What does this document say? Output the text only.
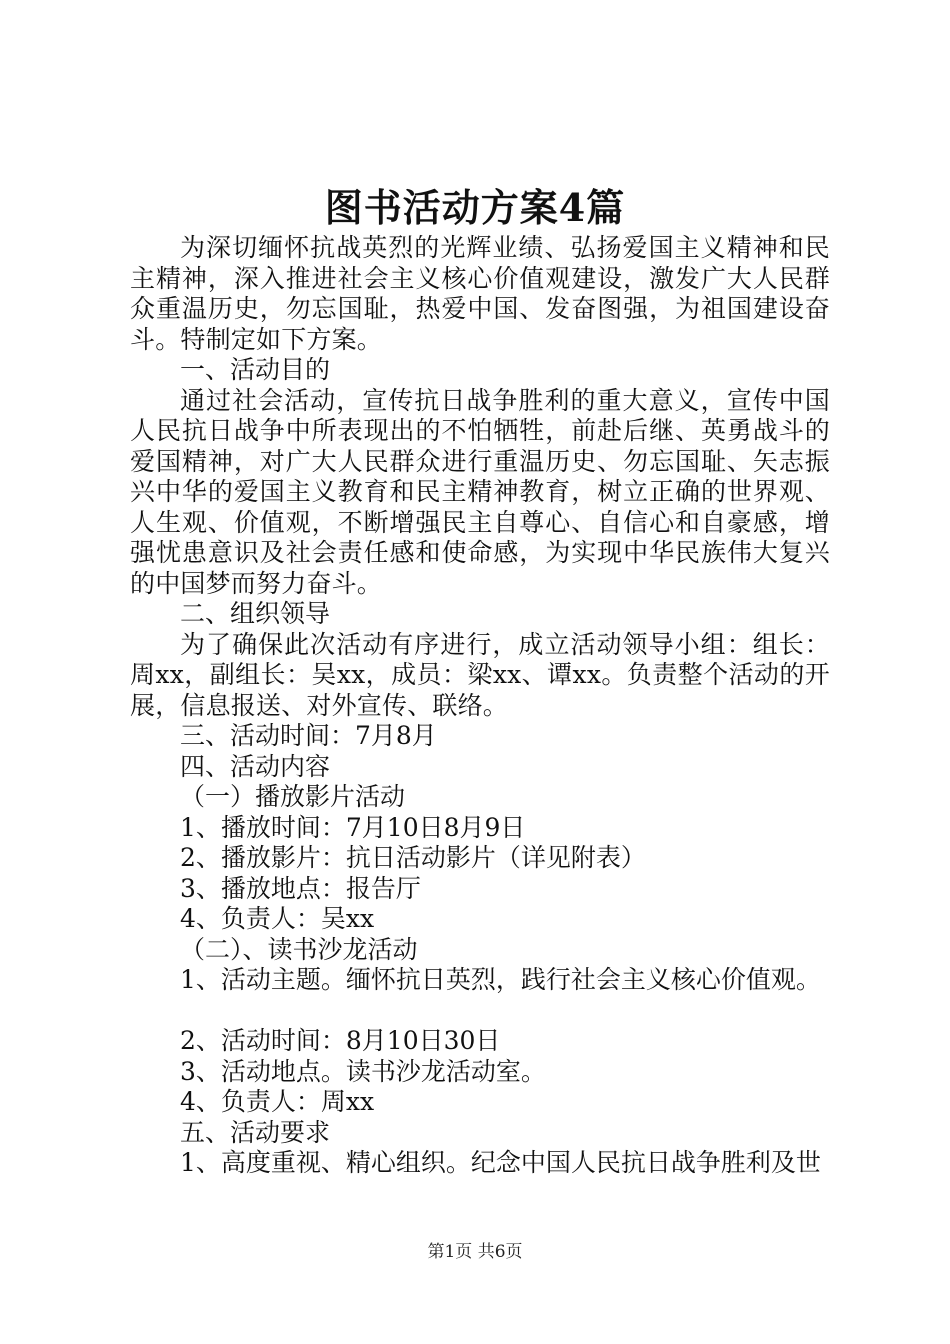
图书活动方案4篇

为深切缅怀抗战英烈的光辉业绩、弘扬爱国主义精神和民主精神，深入推进社会主义核心价值观建设，激发广大人民群众重温历史，勿忘国耻，热爱中国、发奋图强，为祖国建设奋斗。特制定如下方案。

一、活动目的

通过社会活动，宣传抗日战争胜利的重大意义，宣传中国人民抗日战争中所表现出的不怕牺牲，前赴后继、英勇战斗的爱国精神，对广大人民群众进行重温历史、勿忘国耻、矢志振兴中华的爱国主义教育和民主精神教育，树立正确的世界观、人生观、价值观，不断增强民主自尊心、自信心和自豪感，增强忧患意识及社会责任感和使命感，为实现中华民族伟大复兴的中国梦而努力奋斗。

二、组织领导

为了确保此次活动有序进行，成立活动领导小组：组长：周xx，副组长：吴xx，成员：梁xx、谭xx。负责整个活动的开展，信息报送、对外宣传、联络。

三、活动时间：7月8月

四、活动内容

（一）播放影片活动

1、播放时间：7月10日8月9日

2、播放影片：抗日活动影片（详见附表）

3、播放地点：报告厅

4、负责人：吴xx

（二）、读书沙龙活动

1、活动主题。缅怀抗日英烈，践行社会主义核心价值观。

2、活动时间：8月10日30日

3、活动地点。读书沙龙活动室。

4、负责人：周xx

五、活动要求

1、高度重视、精心组织。纪念中国人民抗日战争胜利及世

第1页 共6页
